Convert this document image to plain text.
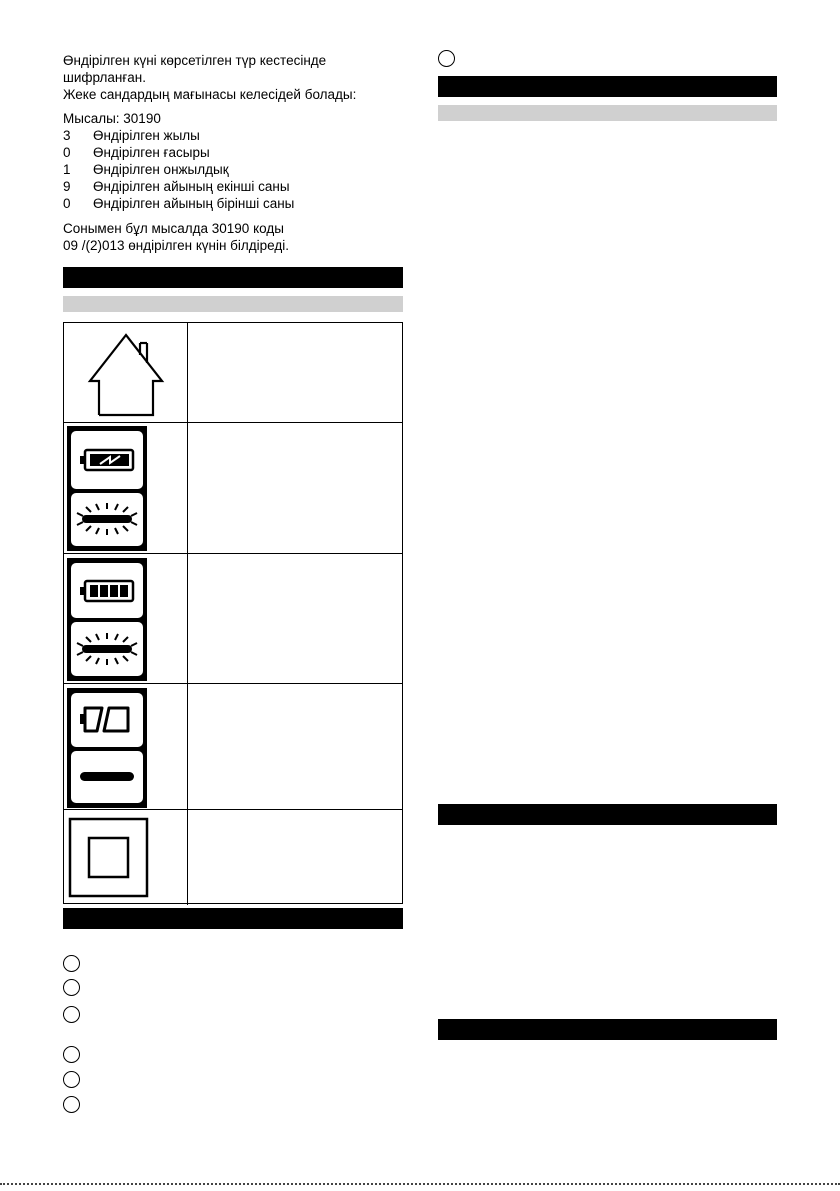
Өндірілген күні көрсетілген түр кестесінде
шифрланған.
Жеке сандардың мағынасы келесідей болады:
Мысалы: 30190
3 Өндірілген жылы
0 Өндірілген ғасыры
1 Өндірілген онжылдық
9 Өндірілген айының екінші саны
0 Өндірілген айының бірінші саны
Сонымен бұл мысалда 30190 коды
09 /(2)013 өндірілген күнін білдіреді.
